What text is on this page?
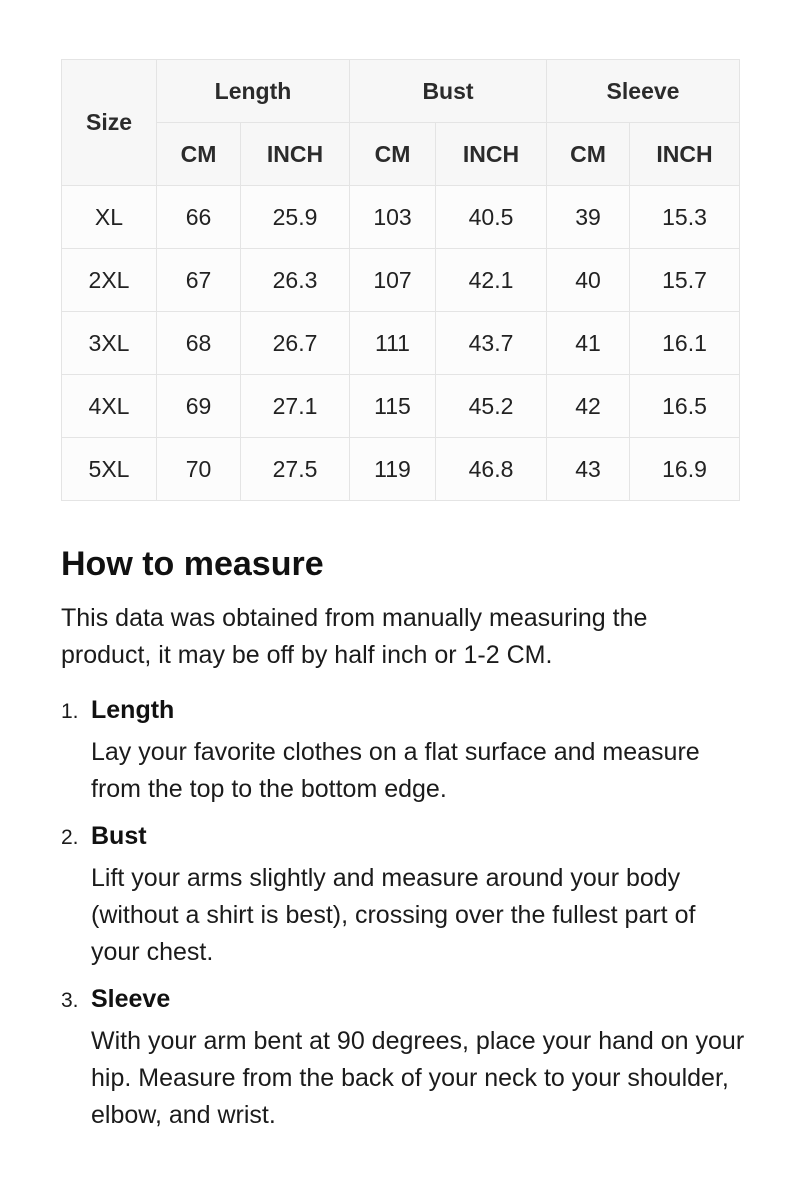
Size	Length		Bust		Sleeve	
	CM	INCH	CM	INCH	CM	INCH
XL	66	25.9	103	40.5	39	15.3
2XL	67	26.3	107	42.1	40	15.7
3XL	68	26.7	111	43.7	41	16.1
4XL	69	27.1	115	45.2	42	16.5
5XL	70	27.5	119	46.8	43	16.9
How to measure

This data was obtained from manually measuring the product, it may be off by half inch or 1-2 CM.

1. Length

Lay your favorite clothes on a flat surface and measure from the top to the bottom edge.

2. Bust

Lift your arms slightly and measure around your body (without a shirt is best), crossing over the fullest part of your chest.

3. Sleeve

With your arm bent at 90 degrees, place your hand on your hip. Measure from the back of your neck to your shoulder, elbow, and wrist.
